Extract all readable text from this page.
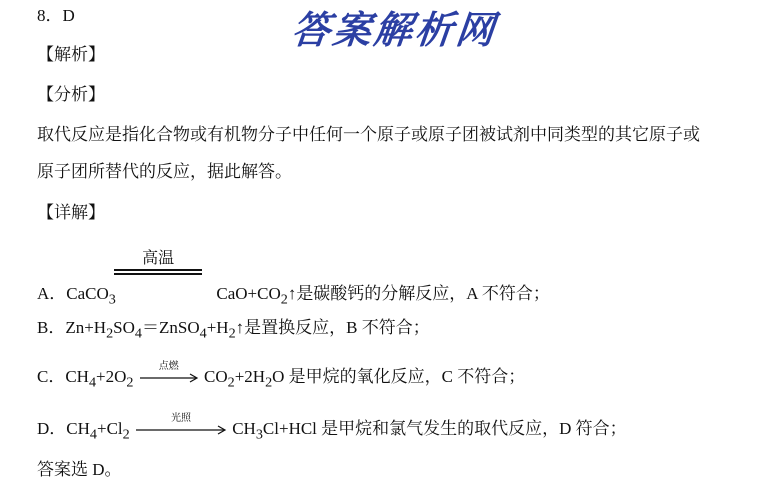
答案解析网
8．D
【解析】
【分析】
取代反应是指化合物或有机物分子中任何一个原子或原子团被试剂中同类型的其它原子或
原子团所替代的反应，据此解答。
【详解】
A．CaCO$_3$
高温
$CaO+CO_2↑$是碳酸钙的分解反应，A 不符合；
B．$Zn+H_2SO_4=ZnSO_4+H_2↑$是置换反应，B 不符合；
C．$CH_4+2O_2$
点燃
$CO_2+2H_2O$ 是甲烷的氧化反应，C 不符合；
D．$CH_4+Cl_2$
光照
$CH_3Cl+HCl$ 是甲烷和氯气发生的取代反应，D 符合；
答案选 D。
